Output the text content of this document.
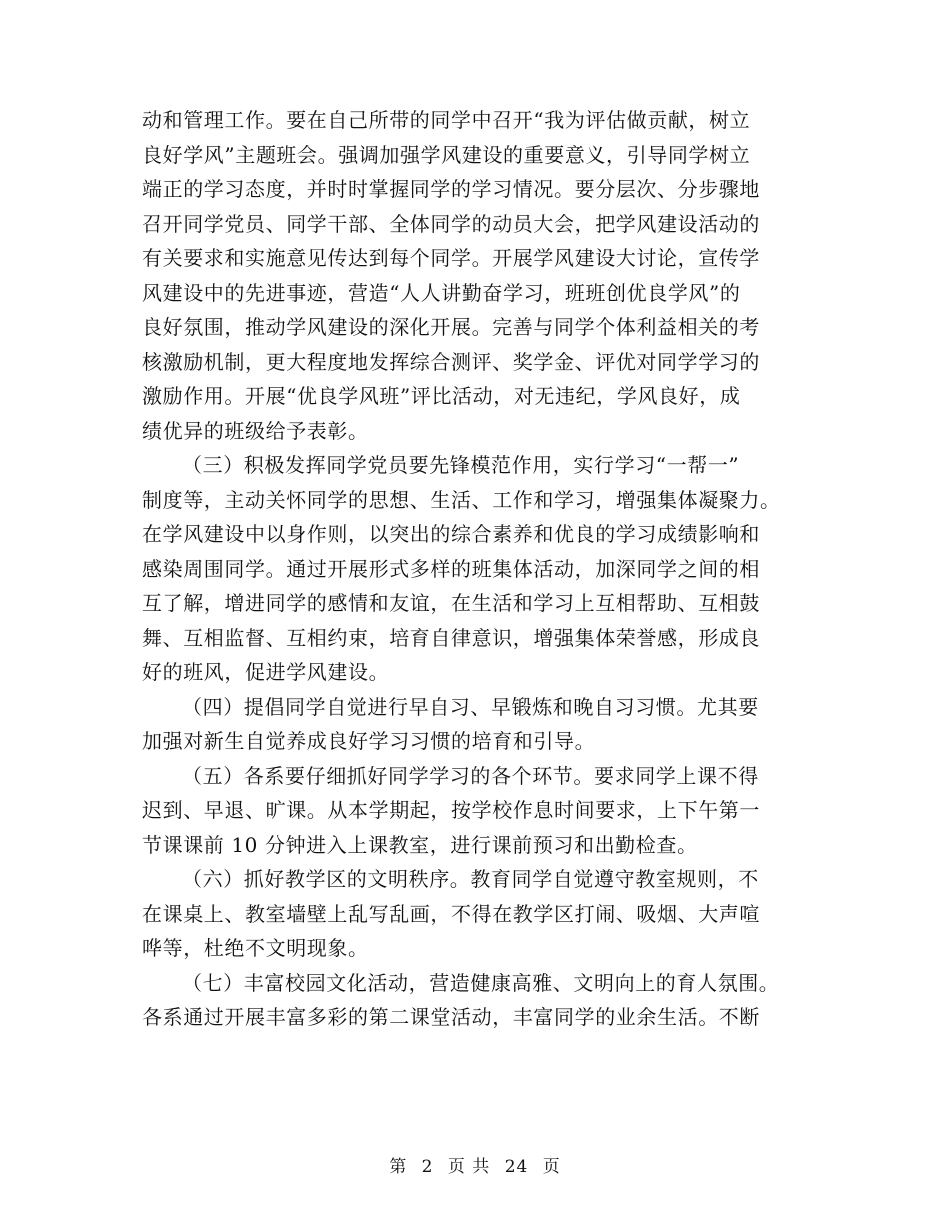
动和管理工作。要在自己所带的同学中召开“我为评估做贡献，树立
良好学风”主题班会。强调加强学风建设的重要意义，引导同学树立
端正的学习态度，并时时掌握同学的学习情况。要分层次、分步骤地
召开同学党员、同学干部、全体同学的动员大会，把学风建设活动的
有关要求和实施意见传达到每个同学。开展学风建设大讨论，宣传学
风建设中的先进事迹，营造“人人讲勤奋学习，班班创优良学风”的
良好氛围，推动学风建设的深化开展。完善与同学个体利益相关的考
核激励机制，更大程度地发挥综合测评、奖学金、评优对同学学习的
激励作用。开展“优良学风班”评比活动，对无违纪，学风良好，成
绩优异的班级给予表彰。
（三）积极发挥同学党员要先锋模范作用，实行学习“一帮一”
制度等，主动关怀同学的思想、生活、工作和学习，增强集体凝聚力。
在学风建设中以身作则，以突出的综合素养和优良的学习成绩影响和
感染周围同学。通过开展形式多样的班集体活动，加深同学之间的相
互了解，增进同学的感情和友谊，在生活和学习上互相帮助、互相鼓
舞、互相监督、互相约束，培育自律意识，增强集体荣誉感，形成良
好的班风，促进学风建设。
（四）提倡同学自觉进行早自习、早锻炼和晚自习习惯。尤其要
加强对新生自觉养成良好学习习惯的培育和引导。
（五）各系要仔细抓好同学学习的各个环节。要求同学上课不得
迟到、早退、旷课。从本学期起，按学校作息时间要求，上下午第一
节课课前 10 分钟进入上课教室，进行课前预习和出勤检查。
（六）抓好教学区的文明秩序。教育同学自觉遵守教室规则，不
在课桌上、教室墙壁上乱写乱画，不得在教学区打闹、吸烟、大声喧
哗等，杜绝不文明现象。
（七）丰富校园文化活动，营造健康高雅、文明向上的育人氛围。
各系通过开展丰富多彩的第二课堂活动，丰富同学的业余生活。不断
第 2 页 共 24 页
